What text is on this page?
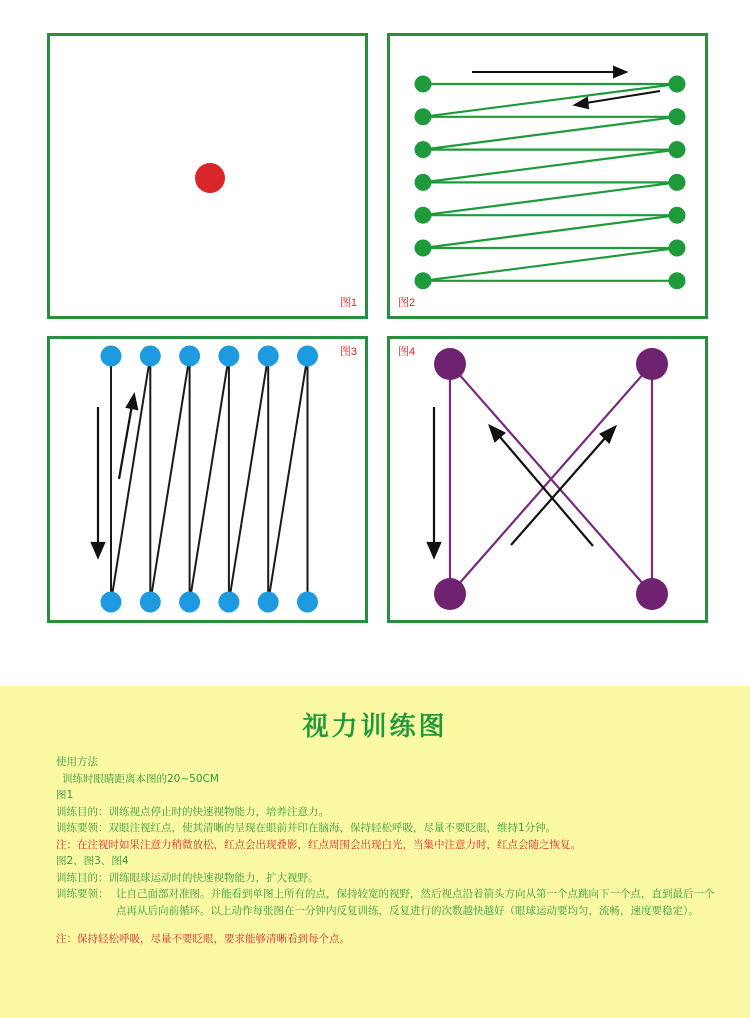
图1	图2
图3	图4
视力训练图
使用方法
训练时眼睛距离本图的20~50CM
图1
训练目的：训练视点停止时的快速视物能力，培养注意力。
训练要领：双眼注视红点，使其清晰的呈现在眼前并印在脑海，保持轻松呼吸，尽量不要眨眼，维持1分钟。
注：在注视时如果注意力稍微放松，红点会出现叠影，红点周围会出现白光，当集中注意力时，红点会随之恢复。
图2、图3、图4
训练目的：训练眼球运动时的快速视物能力，扩大视野。
训练要领： 让自己面部对准图。并能看到单图上所有的点，保持较宽的视野，然后视点沿着箭头方向从第一个点跳向下一个点，直到最后一个点再从后向前循环。以上动作每张图在一分钟内反复训练，反复进行的次数越快越好（眼球运动要均匀，流畅，速度要稳定）。
注：保持轻松呼吸，尽量不要眨眼，要求能够清晰看到每个点。
